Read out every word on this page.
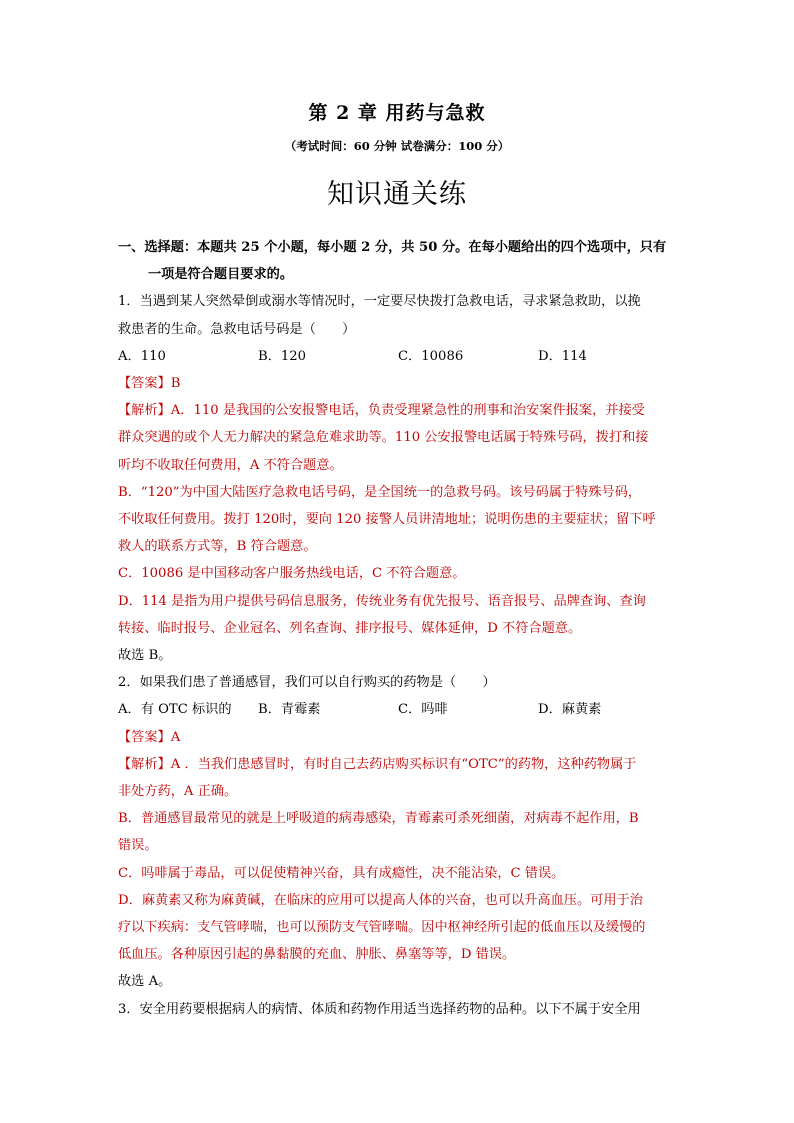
第 2 章 用药与急救
（考试时间：60 分钟 试卷满分：100 分）
知识通关练
一、选择题：本题共 25 个小题，每小题 2 分，共 50 分。在每小题给出的四个选项中，只有
一项是符合题目要求的。
1．当遇到某人突然晕倒或溺水等情况时，一定要尽快拨打急救电话，寻求紧急救助，以挽
救患者的生命。急救电话号码是（　　）
A．110	B．120	C．10086	D．114
【答案】B
【解析】A．110 是我国的公安报警电话，负责受理紧急性的刑事和治安案件报案，并接受
群众突遇的或个人无力解决的紧急危难求助等。110 公安报警电话属于特殊号码，拨打和接
听均不收取任何费用，A 不符合题意。
B．“120”为中国大陆医疗急救电话号码，是全国统一的急救号码。该号码属于特殊号码，
不收取任何费用。拨打 120时，要向 120 接警人员讲清地址；说明伤患的主要症状；留下呼
救人的联系方式等，B 符合题意。
C．10086 是中国移动客户服务热线电话，C 不符合题意。
D．114 是指为用户提供号码信息服务，传统业务有优先报号、语音报号、品牌查询、查询
转接、临时报号、企业冠名、列名查询、排序报号、媒体延伸，D 不符合题意。
故选 B。
2．如果我们患了普通感冒，我们可以自行购买的药物是（　　）
A．有 OTC 标识的	B．青霉素	C．吗啡	D．麻黄素
【答案】A
【解析】A ．当我们患感冒时，有时自己去药店购买标识有“OTC”的药物，这种药物属于
非处方药，A 正确。
B．普通感冒最常见的就是上呼吸道的病毒感染，青霉素可杀死细菌，对病毒不起作用，B
错误。
C．吗啡属于毒品，可以促使精神兴奋，具有成瘾性，决不能沾染，C 错误。
D．麻黄素又称为麻黄碱，在临床的应用可以提高人体的兴奋，也可以升高血压。可用于治
疗以下疾病：支气管哮喘，也可以预防支气管哮喘。因中枢神经所引起的低血压以及缓慢的
低血压。各种原因引起的鼻黏膜的充血、肿胀、鼻塞等等，D 错误。
故选 A。
3．安全用药要根据病人的病情、体质和药物作用适当选择药物的品种。以下不属于安全用
